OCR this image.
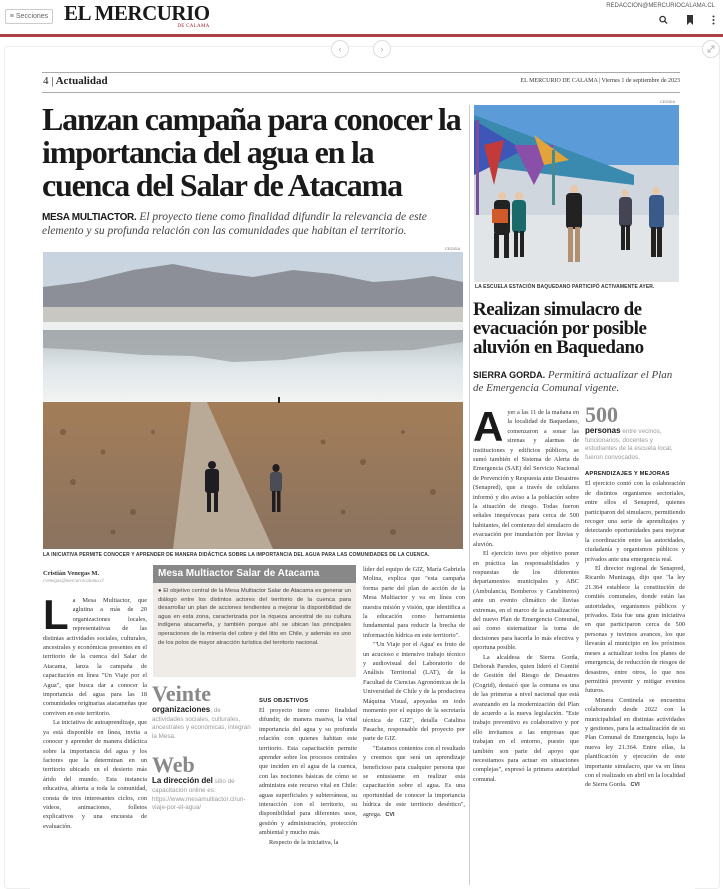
≡ Secciones EL MERCURIO
DE CALAMA
REDACCION@MERCURIOCALAMA.CL
‹	›
4 | Actualidad	EL MERCURIO DE CALAMA | Viernes 1 de septiembre de 2023
Lanzan campaña para conocer la importancia del agua en la cuenca del Salar de Atacama
MESA MULTIACTOR. El proyecto tiene como finalidad difundir la relevancia de este elemento y su profunda relación con las comunidades que habitan el territorio.
CEDIDA
LA INICIATIVA PERMITE CONOCER Y APRENDER DE MANERA DIDÁCTICA SOBRE LA IMPORTANCIA DEL AGUA PARA LAS COMUNIDADES DE LA CUENCA.
Cristián Venegas M.
cvenegas@mercuriocalama.cl

La Mesa Multiactor, que aglutina a más de 20 organizaciones locales, representativas de las distintas actividades sociales, culturales, ancestrales y económicas presentes en el territorio de la cuenca del Salar de Atacama, lanza la campaña de capacitación en línea "Un Viaje por el Agua", que busca dar a conocer la importancia del agua para las 18 comunidades originarias atacameñas que conviven en este territorio.

La iniciativa de autoaprendizaje, que ya está disponible en línea, invita a conocer y aprender de manera didáctica sobre la importancia del agua y los factores que la determinan en un territorio ubicado en el desierto más árido del mundo. Esta instancia educativa, abierta a toda la comunidad, consta de tres interesantes ciclos, con videos, animaciones, folletos explicativos y una encuesta de evaluación.

Mesa Multiactor Salar de Atacama
● El objetivo central de la Mesa Multiactor Salar de Atacama es generar un diálogo entre los distintos actores del territorio de la cuenca para desarrollar un plan de acciones tendientes a mejorar la disponibilidad de agua en esta zona, caracterizada por la riqueza ancestral de su cultura indígena atacameña, y también porque ahí se ubican las principales operaciones de la minería del cobre y del litio en Chile, y además es uno de los polos de mayor atracción turística del territorio nacional.
Veinte
organizaciones, de actividades sociales, culturales, ancestrales y económicas, integran la Mesa.
Web
La dirección del sitio de capacitación online es: https://www.mesamultiactor.cl/un-viaje-por-el-agua/
SUS OBJETIVOS

El proyecto tiene como finalidad difundir, de manera masiva, la vital importancia del agua y su profunda relación con quienes habitan este territorio. Esta capacitación permite aprender sobre los procesos centrales que inciden en el agua de la cuenca, con las nociones básicas de cómo se administra este recurso vital en Chile: aguas superficiales y subterráneas, su interacción con el territorio, su disponibilidad para diferentes usos, gestión y administración, protección ambiental y mucho más.

Respecto de la iniciativa, la

líder del equipo de GIZ, María Gabriela Molina, explica que "esta campaña forma parte del plan de acción de la Mesa Multiactor y va en línea con nuestra misión y visión, que identifica a la educación como herramienta fundamental para reducir la brecha de información hídrica en este territorio".

"'Un Viaje por el Agua' es fruto de un acucioso e intensivo trabajo técnico y audiovisual del Laboratorio de Análisis Territorial (LAT), de la Facultad de Ciencias Agronómicas de la Universidad de Chile y de la productora Máquina Visual, apoyadas en todo momento por el equipo de la secretaría técnica de GIZ", detalla Catalina Pasache, responsable del proyecto por parte de GIZ.

"Estamos contentos con el resultado y creemos que será un aprendizaje beneficioso para cualquier persona que se entusiasme en realizar esta capacitación sobre el agua. Es una oportunidad de conocer la importancia hídrica de este territorio desértico", agrega. CVI

CEDIDA
LA ESCUELA ESTACIÓN BAQUEDANO PARTICIPÓ ACTIVAMENTE AYER.
Realizan simulacro de evacuación por posible aluvión en Baquedano
SIERRA GORDA. Permitirá actualizar el Plan de Emergencia Comunal vigente.

Ayer a las 11 de la mañana en la localidad de Baquedano, comenzaron a sonar las sirenas y alarmas de instituciones y edificios públicos, se sumó también el Sistema de Alerta de Emergencia (SAE) del Servicio Nacional de Prevención y Respuesta ante Desastres (Senapred), que a través de celulares informó y dio aviso a la población sobre la situación de riesgo. Todas fueron señales inequívocas para cerca de 500 habitantes, del comienzo del simulacro de evacuación por inundación por lluvias y aluvión.

El ejercicio tuvo por objetivo poner en práctica las responsabilidades y respuestas de los diferentes departamentos municipales y ABC (Ambulancia, Bomberos y Carabineros) ante un evento climático de lluvias extremas, en el marco de la actualización del nuevo Plan de Emergencia Comunal, así como sistematizar la toma de decisiones para hacerla lo más efectiva y oportuna posible.

La alcaldesa de Sierra Gorda, Deborah Paredes, quien lideró el Comité de Gestión del Riesgo de Desastres (Cogrid), destacó que la comuna es una de las primeras a nivel nacional que está avanzando en la modernización del Plan de acuerdo a la nueva legislación. "Este trabajo preventivo es colaborativo y por ello invitamos a las empresas que trabajan en el entorno, puesto que también son parte del apoyo que necesitamos para actuar en situaciones complejas", expresó la primera autoridad comunal.

500
personas entre vecinos, funcionarios, docentes y estudiantes de la escuela local, fueron convocados.
APRENDIZAJES Y MEJORAS

El ejercicio contó con la colaboración de distintos organismos sectoriales, entre ellos el Senapred, quienes participaron del simulacro, permitiendo recoger una serie de aprendizajes y detectando oportunidades para mejorar la coordinación entre las autoridades, ciudadanía y organismos públicos y privados ante una emergencia real.

El director regional de Senapred, Ricardo Munizaga, dijo que "la ley 21.364 establece la constitución de comités comunales, donde están las autoridades, organismos públicos y privados. Esta fue una gran iniciativa en que participaron cerca de 500 personas y tuvimos avances, los que llevarán al municipio en los próximos meses a actualizar todos los planes de emergencia, de reducción de riesgos de desastres, entre otros, lo que nos permitirá prevenir y mitigar eventos futuros.

Minera Centinela se encuentra colaborando desde 2022 con la municipalidad en distintas actividades y gestiones, para la actualización de su Plan Comunal de Emergencia, bajo la nueva ley 21.364. Entre ellas, la planificación y ejecución de este importante simulacro, que va en línea con el realizado en abril en la localidad de Sierra Gorda. CVI
